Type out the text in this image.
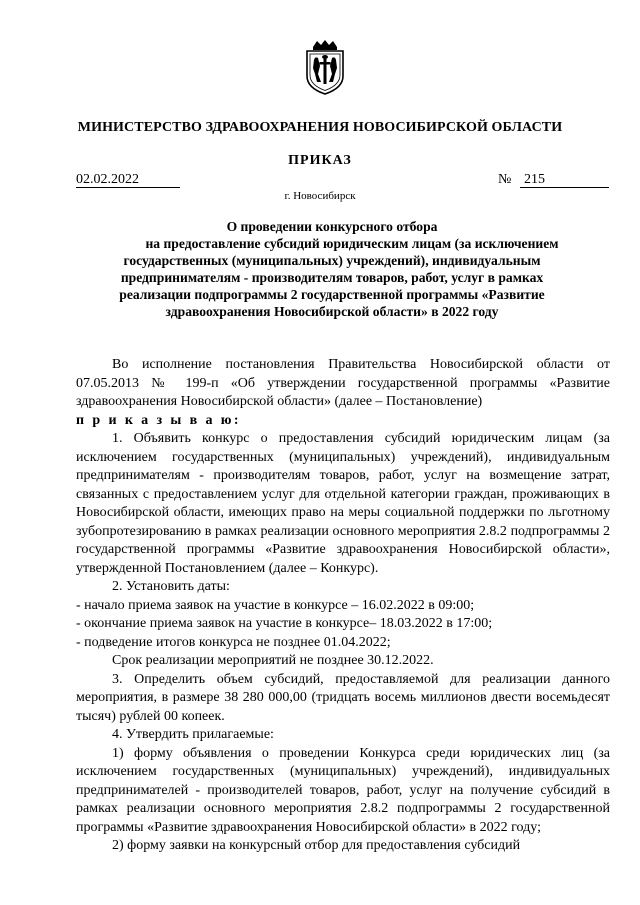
МИНИСТЕРСТВО ЗДРАВООХРАНЕНИЯ НОВОСИБИРСКОЙ ОБЛАСТИ
ПРИКАЗ
02.02.2022	№ 215
г. Новосибирск
О проведении конкурсного отбора
на предоставление субсидий юридическим лицам (за исключением
государственных (муниципальных) учреждений), индивидуальным
предпринимателям - производителям товаров, работ, услуг в рамках
реализации подпрограммы 2 государственной программы «Развитие
здравоохранения Новосибирской области» в 2022 году

Во исполнение постановления Правительства Новосибирской области от 07.05.2013 № 199-п «Об утверждении государственной программы «Развитие здравоохранения Новосибирской области» (далее – Постановление)

п р и к а з ы в а ю:

1. Объявить конкурс о предоставления субсидий юридическим лицам (за исключением государственных (муниципальных) учреждений), индивидуальным предпринимателям - производителям товаров, работ, услуг на возмещение затрат, связанных с предоставлением услуг для отдельной категории граждан, проживающих в Новосибирской области, имеющих право на меры социальной поддержки по льготному зубопротезированию в рамках реализации основного мероприятия 2.8.2 подпрограммы 2 государственной программы «Развитие здравоохранения Новосибирской области», утвержденной Постановлением (далее – Конкурс).

2. Установить даты:

- начало приема заявок на участие в конкурсе – 16.02.2022 в 09:00;

- окончание приема заявок на участие в конкурсе– 18.03.2022 в 17:00;

- подведение итогов конкурса не позднее 01.04.2022;

Срок реализации мероприятий не позднее 30.12.2022.

3. Определить объем субсидий, предоставляемой для реализации данного мероприятия, в размере 38 280 000,00 (тридцать восемь миллионов двести восемьдесят тысяч) рублей 00 копеек.

4. Утвердить прилагаемые:

1) форму объявления о проведении Конкурса среди юридических лиц (за исключением государственных (муниципальных) учреждений), индивидуальных предпринимателей - производителей товаров, работ, услуг на получение субсидий в рамках реализации основного мероприятия 2.8.2 подпрограммы 2 государственной программы «Развитие здравоохранения Новосибирской области» в 2022 году;

2) форму заявки на конкурсный отбор для предоставления субсидий
